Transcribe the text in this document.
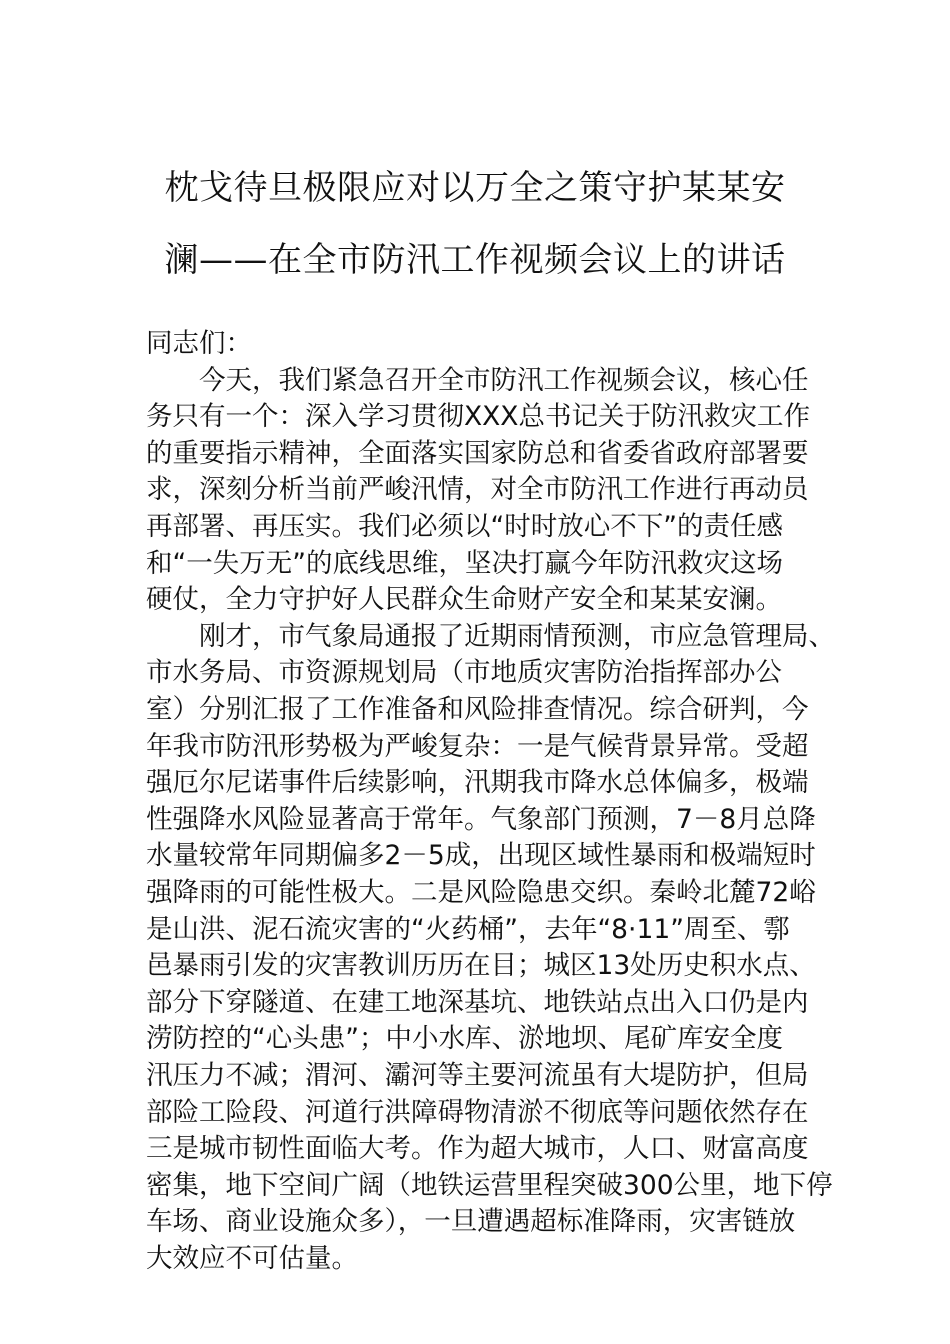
枕戈待旦极限应对以万全之策守护某某安
澜——在全市防汛工作视频会议上的讲话
同志们：
　　今天，我们紧急召开全市防汛工作视频会议，核心任
务只有一个：深入学习贯彻XXX总书记关于防汛救灾工作
的重要指示精神，全面落实国家防总和省委省政府部署要
求，深刻分析当前严峻汛情，对全市防汛工作进行再动员
再部署、再压实。我们必须以“时时放心不下”的责任感
和“一失万无”的底线思维，坚决打赢今年防汛救灾这场
硬仗，全力守护好人民群众生命财产安全和某某安澜。
　　刚才，市气象局通报了近期雨情预测，市应急管理局、
市水务局、市资源规划局（市地质灾害防治指挥部办公
室）分别汇报了工作准备和风险排查情况。综合研判，今
年我市防汛形势极为严峻复杂：一是气候背景异常。受超
强厄尔尼诺事件后续影响，汛期我市降水总体偏多，极端
性强降水风险显著高于常年。气象部门预测，7－8月总降
水量较常年同期偏多2－5成，出现区域性暴雨和极端短时
强降雨的可能性极大。二是风险隐患交织。秦岭北麓72峪
是山洪、泥石流灾害的“火药桶”，去年“8·11”周至、鄠
邑暴雨引发的灾害教训历历在目；城区13处历史积水点、
部分下穿隧道、在建工地深基坑、地铁站点出入口仍是内
涝防控的“心头患”；中小水库、淤地坝、尾矿库安全度
汛压力不减；渭河、灞河等主要河流虽有大堤防护，但局
部险工险段、河道行洪障碍物清淤不彻底等问题依然存在
三是城市韧性面临大考。作为超大城市，人口、财富高度
密集，地下空间广阔（地铁运营里程突破300公里，地下停
车场、商业设施众多），一旦遭遇超标准降雨，灾害链放
大效应不可估量。
